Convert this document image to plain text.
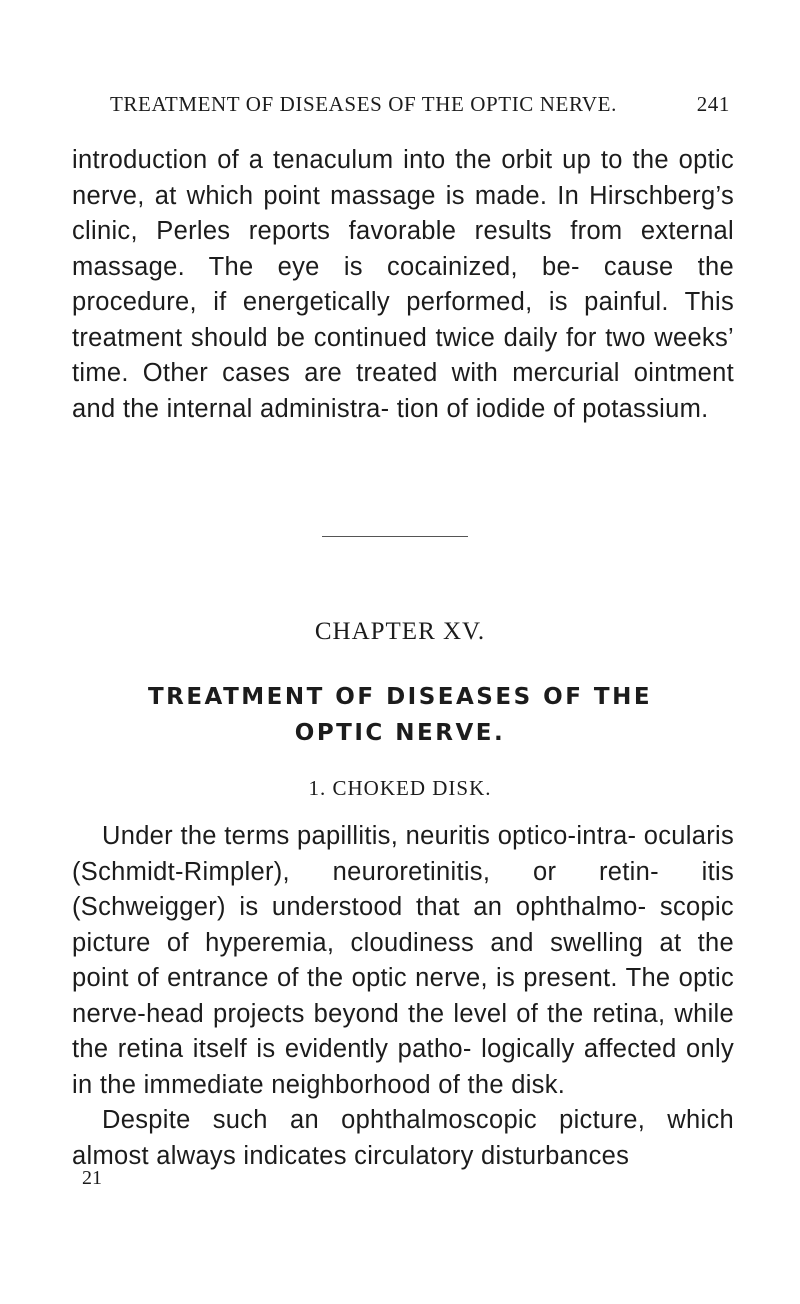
TREATMENT OF DISEASES OF THE OPTIC NERVE.	241

introduction of a tenaculum into the orbit up to the optic nerve, at which point massage is made. In Hirschberg’s clinic, Perles reports favorable results from external massage. The eye is cocainized, be- cause the procedure, if energetically performed, is painful. This treatment should be continued twice daily for two weeks’ time. Other cases are treated with mercurial ointment and the internal administra- tion of iodide of potassium.

CHAPTER XV.
TREATMENT OF DISEASES OF THE
OPTIC NERVE.
1. CHOKED DISK.

Under the terms papillitis, neuritis optico-intra- ocularis (Schmidt-Rimpler), neuroretinitis, or retin- itis (Schweigger) is understood that an ophthalmo- scopic picture of hyperemia, cloudiness and swelling at the point of entrance of the optic nerve, is present. The optic nerve-head projects beyond the level of the retina, while the retina itself is evidently patho- logically affected only in the immediate neighborhood of the disk.

Despite such an ophthalmoscopic picture, which almost always indicates circulatory disturbances

21
